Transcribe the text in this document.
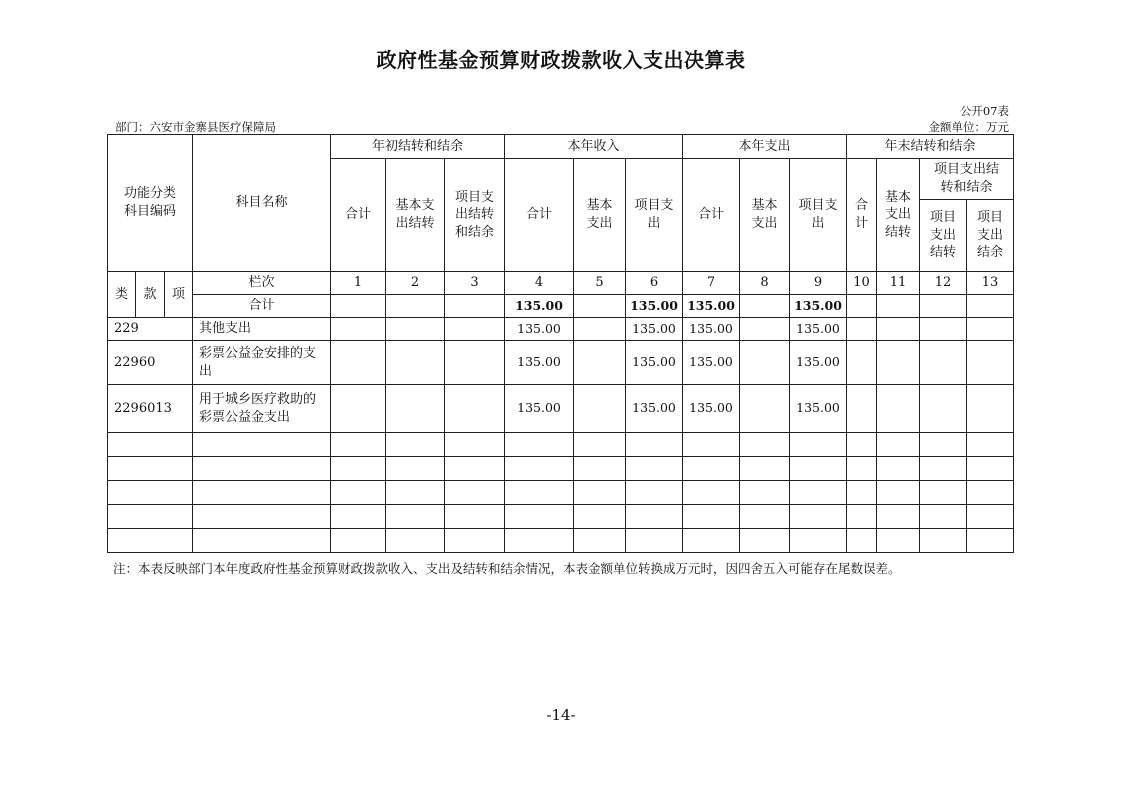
政府性基金预算财政拨款收入支出决算表
公开07表
部门：六安市金寨县医疗保障局	金额单位：万元
功能分类科目编码			科目名称	年初结转和结余			本年收入			本年支出			年末结转和结余			
				合计	基本支出结转	项目支出结转和结余	合计	基本支出	项目支出	合计	基本支出	项目支出	合计	基本支出结转	项目支出结转和结余	
															项目支出结转	项目支出结余
类	款	项	栏次	1	2	3	4	5	6	7	8	9	10	11	12	13
			合计				135.00		135.00	135.00		135.00				
229			其他支出				135.00		135.00	135.00		135.00				
22960			彩票公益金安排的支出				135.00		135.00	135.00		135.00				
2296013			用于城乡医疗救助的彩票公益金支出				135.00		135.00	135.00		135.00				

注：本表反映部门本年度政府性基金预算财政拨款收入、支出及结转和结余情况，本表金额单位转换成万元时，因四舍五入可能存在尾数误差。
-14-
